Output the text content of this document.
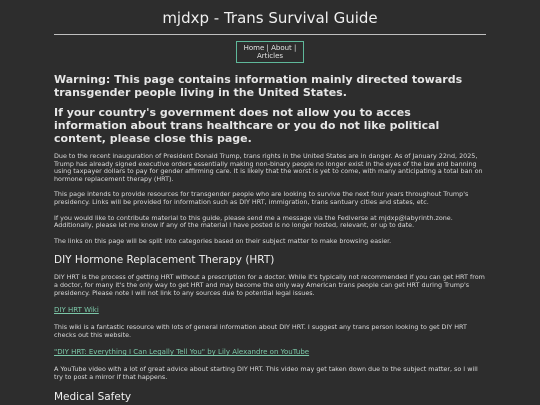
mjdxp - Trans Survival Guide
Home | About |
Articles

Warning: This page contains information mainly directed towards transgender people living in the United States.

If your country's government does not allow you to acces information about trans healthcare or you do not like political content, please close this page.

Due to the recent inauguration of President Donald Trump, trans rights in the United States are in danger. As of January 22nd, 2025, Trump has already signed executive orders essentially making non-binary people no longer exist in the eyes of the law and banning using taxpayer dollars to pay for gender affirming care. It is likely that the worst is yet to come, with many anticipating a total ban on hormone replacement therapy (HRT).

This page intends to provide resources for transgender people who are looking to survive the next four years throughout Trump's presidency. Links will be provided for information such as DIY HRT, immigration, trans santuary cities and states, etc.

If you would like to contribute material to this guide, please send me a message via the Fediverse at mjdxp@labyrinth.zone. Additionally, please let me know if any of the material I have posted is no longer hosted, relevant, or up to date.

The links on this page will be split into categories based on their subject matter to make browsing easier.

DIY Hormone Replacement Therapy (HRT)

DIY HRT is the process of getting HRT without a prescription for a doctor. While it's typically not recommended if you can get HRT from a doctor, for many it's the only way to get HRT and may become the only way American trans people can get HRT during Trump's presidency. Please note I will not link to any sources due to potential legal issues.

DIY HRT Wiki

This wiki is a fantastic resource with lots of general information about DIY HRT. I suggest any trans person looking to get DIY HRT checks out this website.

"DIY HRT: Everything I Can Legally Tell You" by Lily Alexandre on YouTube

A YouTube video with a lot of great advice about starting DIY HRT. This video may get taken down due to the subject matter, so I will try to post a mirror if that happens.

Medical Safety
